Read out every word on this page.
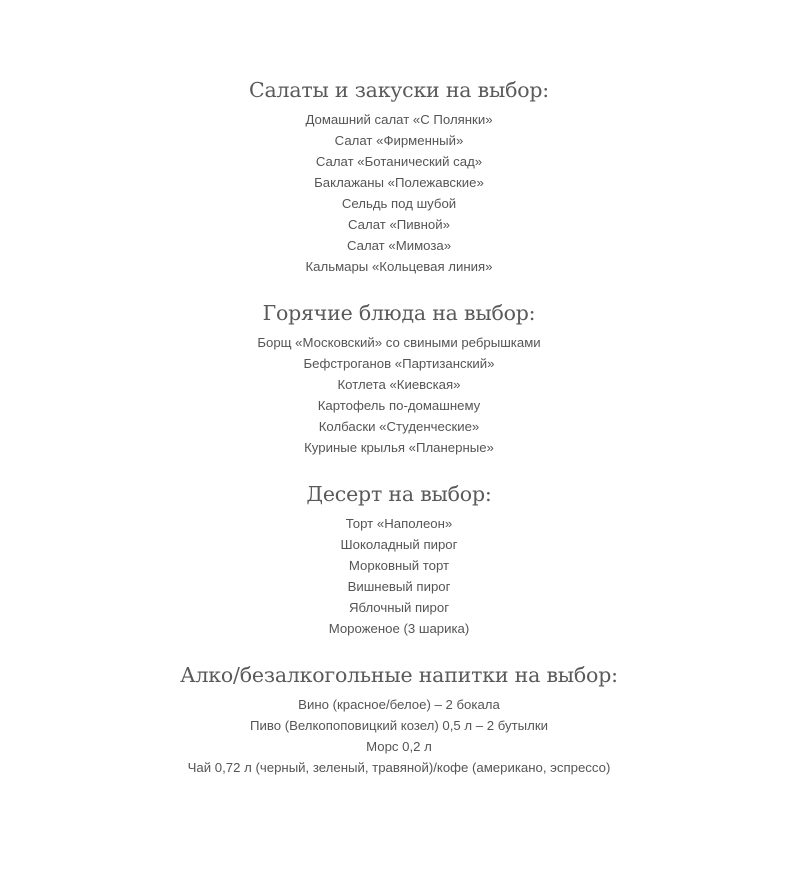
Салаты и закуски на выбор:
Домашний салат «С Полянки»
Салат «Фирменный»
Салат «Ботанический сад»
Баклажаны «Полежавские»
Сельдь под шубой
Салат «Пивной»
Салат «Мимоза»
Кальмары «Кольцевая линия»
Горячие блюда на выбор:
Борщ «Московский» со свиными ребрышками
Бефстроганов «Партизанский»
Котлета «Киевская»
Картофель по-домашнему
Колбаски «Студенческие»
Куриные крылья «Планерные»
Десерт на выбор:
Торт «Наполеон»
Шоколадный пирог
Морковный торт
Вишневый пирог
Яблочный пирог
Мороженое (3 шарика)
Алко/безалкогольные напитки на выбор:
Вино (красное/белое) – 2 бокала
Пиво (Велкопоповицкий козел) 0,5 л – 2 бутылки
Морс 0,2 л
Чай 0,72 л (черный, зеленый, травяной)/кофе (американо, эспрессо)
